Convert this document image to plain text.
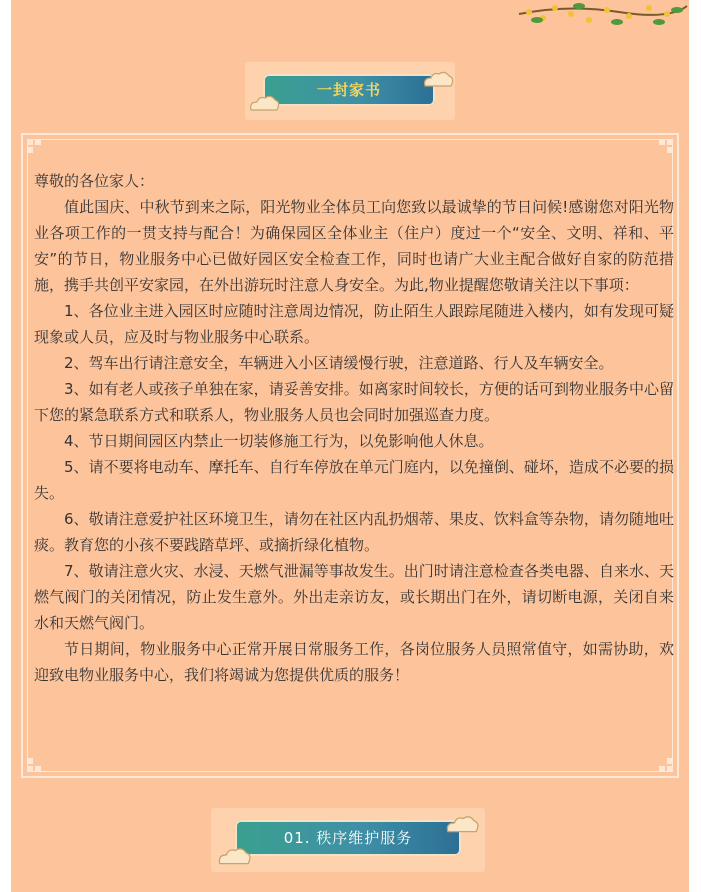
一封家书

尊敬的各位家人：

值此国庆、中秋节到来之际，阳光物业全体员工向您致以最诚挚的节日问候!感谢您对阳光物业各项工作的一贯支持与配合！为确保园区全体业主（住户）度过一个“安全、文明、祥和、平安”的节日，物业服务中心已做好园区安全检查工作，同时也请广大业主配合做好自家的防范措施，携手共创平安家园，在外出游玩时注意人身安全。为此,物业提醒您敬请关注以下事项：

1、各位业主进入园区时应随时注意周边情况，防止陌生人跟踪尾随进入楼内，如有发现可疑现象或人员，应及时与物业服务中心联系。

2、驾车出行请注意安全，车辆进入小区请缓慢行驶，注意道路、行人及车辆安全。

3、如有老人或孩子单独在家，请妥善安排。如离家时间较长，方便的话可到物业服务中心留下您的紧急联系方式和联系人，物业服务人员也会同时加强巡查力度。

4、节日期间园区内禁止一切装修施工行为，以免影响他人休息。

5、请不要将电动车、摩托车、自行车停放在单元门庭内，以免撞倒、碰坏，造成不必要的损失。

6、敬请注意爱护社区环境卫生，请勿在社区内乱扔烟蒂、果皮、饮料盒等杂物，请勿随地吐痰。教育您的小孩不要践踏草坪、或摘折绿化植物。

7、敬请注意火灾、水浸、天燃气泄漏等事故发生。出门时请注意检查各类电器、自来水、天燃气阀门的关闭情况，防止发生意外。外出走亲访友，或长期出门在外，请切断电源，关闭自来水和天燃气阀门。

节日期间，物业服务中心正常开展日常服务工作，各岗位服务人员照常值守，如需协助，欢迎致电物业服务中心，我们将竭诚为您提供优质的服务！

01. 秩序维护服务
